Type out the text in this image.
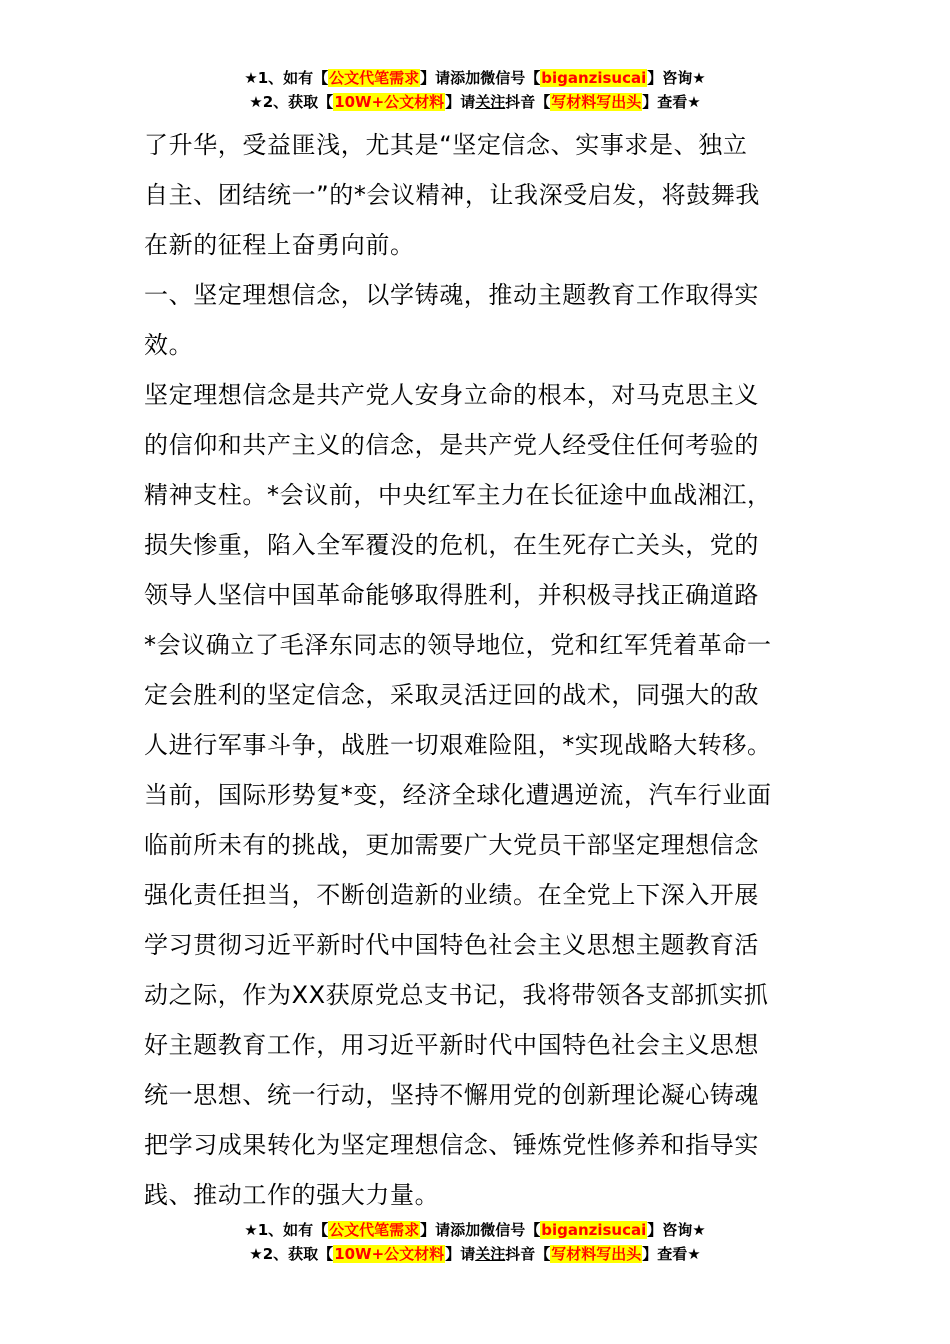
★1、如有【公文代笔需求】请添加微信号【biganzisucai】咨询★
★2、获取【10W+公文材料】请关注抖音【写材料写出头】查看★
了升华，受益匪浅，尤其是“坚定信念、实事求是、独立
自主、团结统一”的*会议精神，让我深受启发，将鼓舞我
在新的征程上奋勇向前。
一、坚定理想信念，以学铸魂，推动主题教育工作取得实
效。
坚定理想信念是共产党人安身立命的根本，对马克思主义
的信仰和共产主义的信念，是共产党人经受住任何考验的
精神支柱。*会议前，中央红军主力在长征途中血战湘江，
损失惨重，陷入全军覆没的危机，在生死存亡关头，党的
领导人坚信中国革命能够取得胜利，并积极寻找正确道路
*会议确立了毛泽东同志的领导地位，党和红军凭着革命一
定会胜利的坚定信念，采取灵活迂回的战术，同强大的敌
人进行军事斗争，战胜一切艰难险阻，*实现战略大转移。
当前，国际形势复*变，经济全球化遭遇逆流，汽车行业面
临前所未有的挑战，更加需要广大党员干部坚定理想信念
强化责任担当，不断创造新的业绩。在全党上下深入开展
学习贯彻习近平新时代中国特色社会主义思想主题教育活
动之际，作为XX获原党总支书记，我将带领各支部抓实抓
好主题教育工作，用习近平新时代中国特色社会主义思想
统一思想、统一行动，坚持不懈用党的创新理论凝心铸魂
把学习成果转化为坚定理想信念、锤炼党性修养和指导实
践、推动工作的强大力量。
★1、如有【公文代笔需求】请添加微信号【biganzisucai】咨询★
★2、获取【10W+公文材料】请关注抖音【写材料写出头】查看★
